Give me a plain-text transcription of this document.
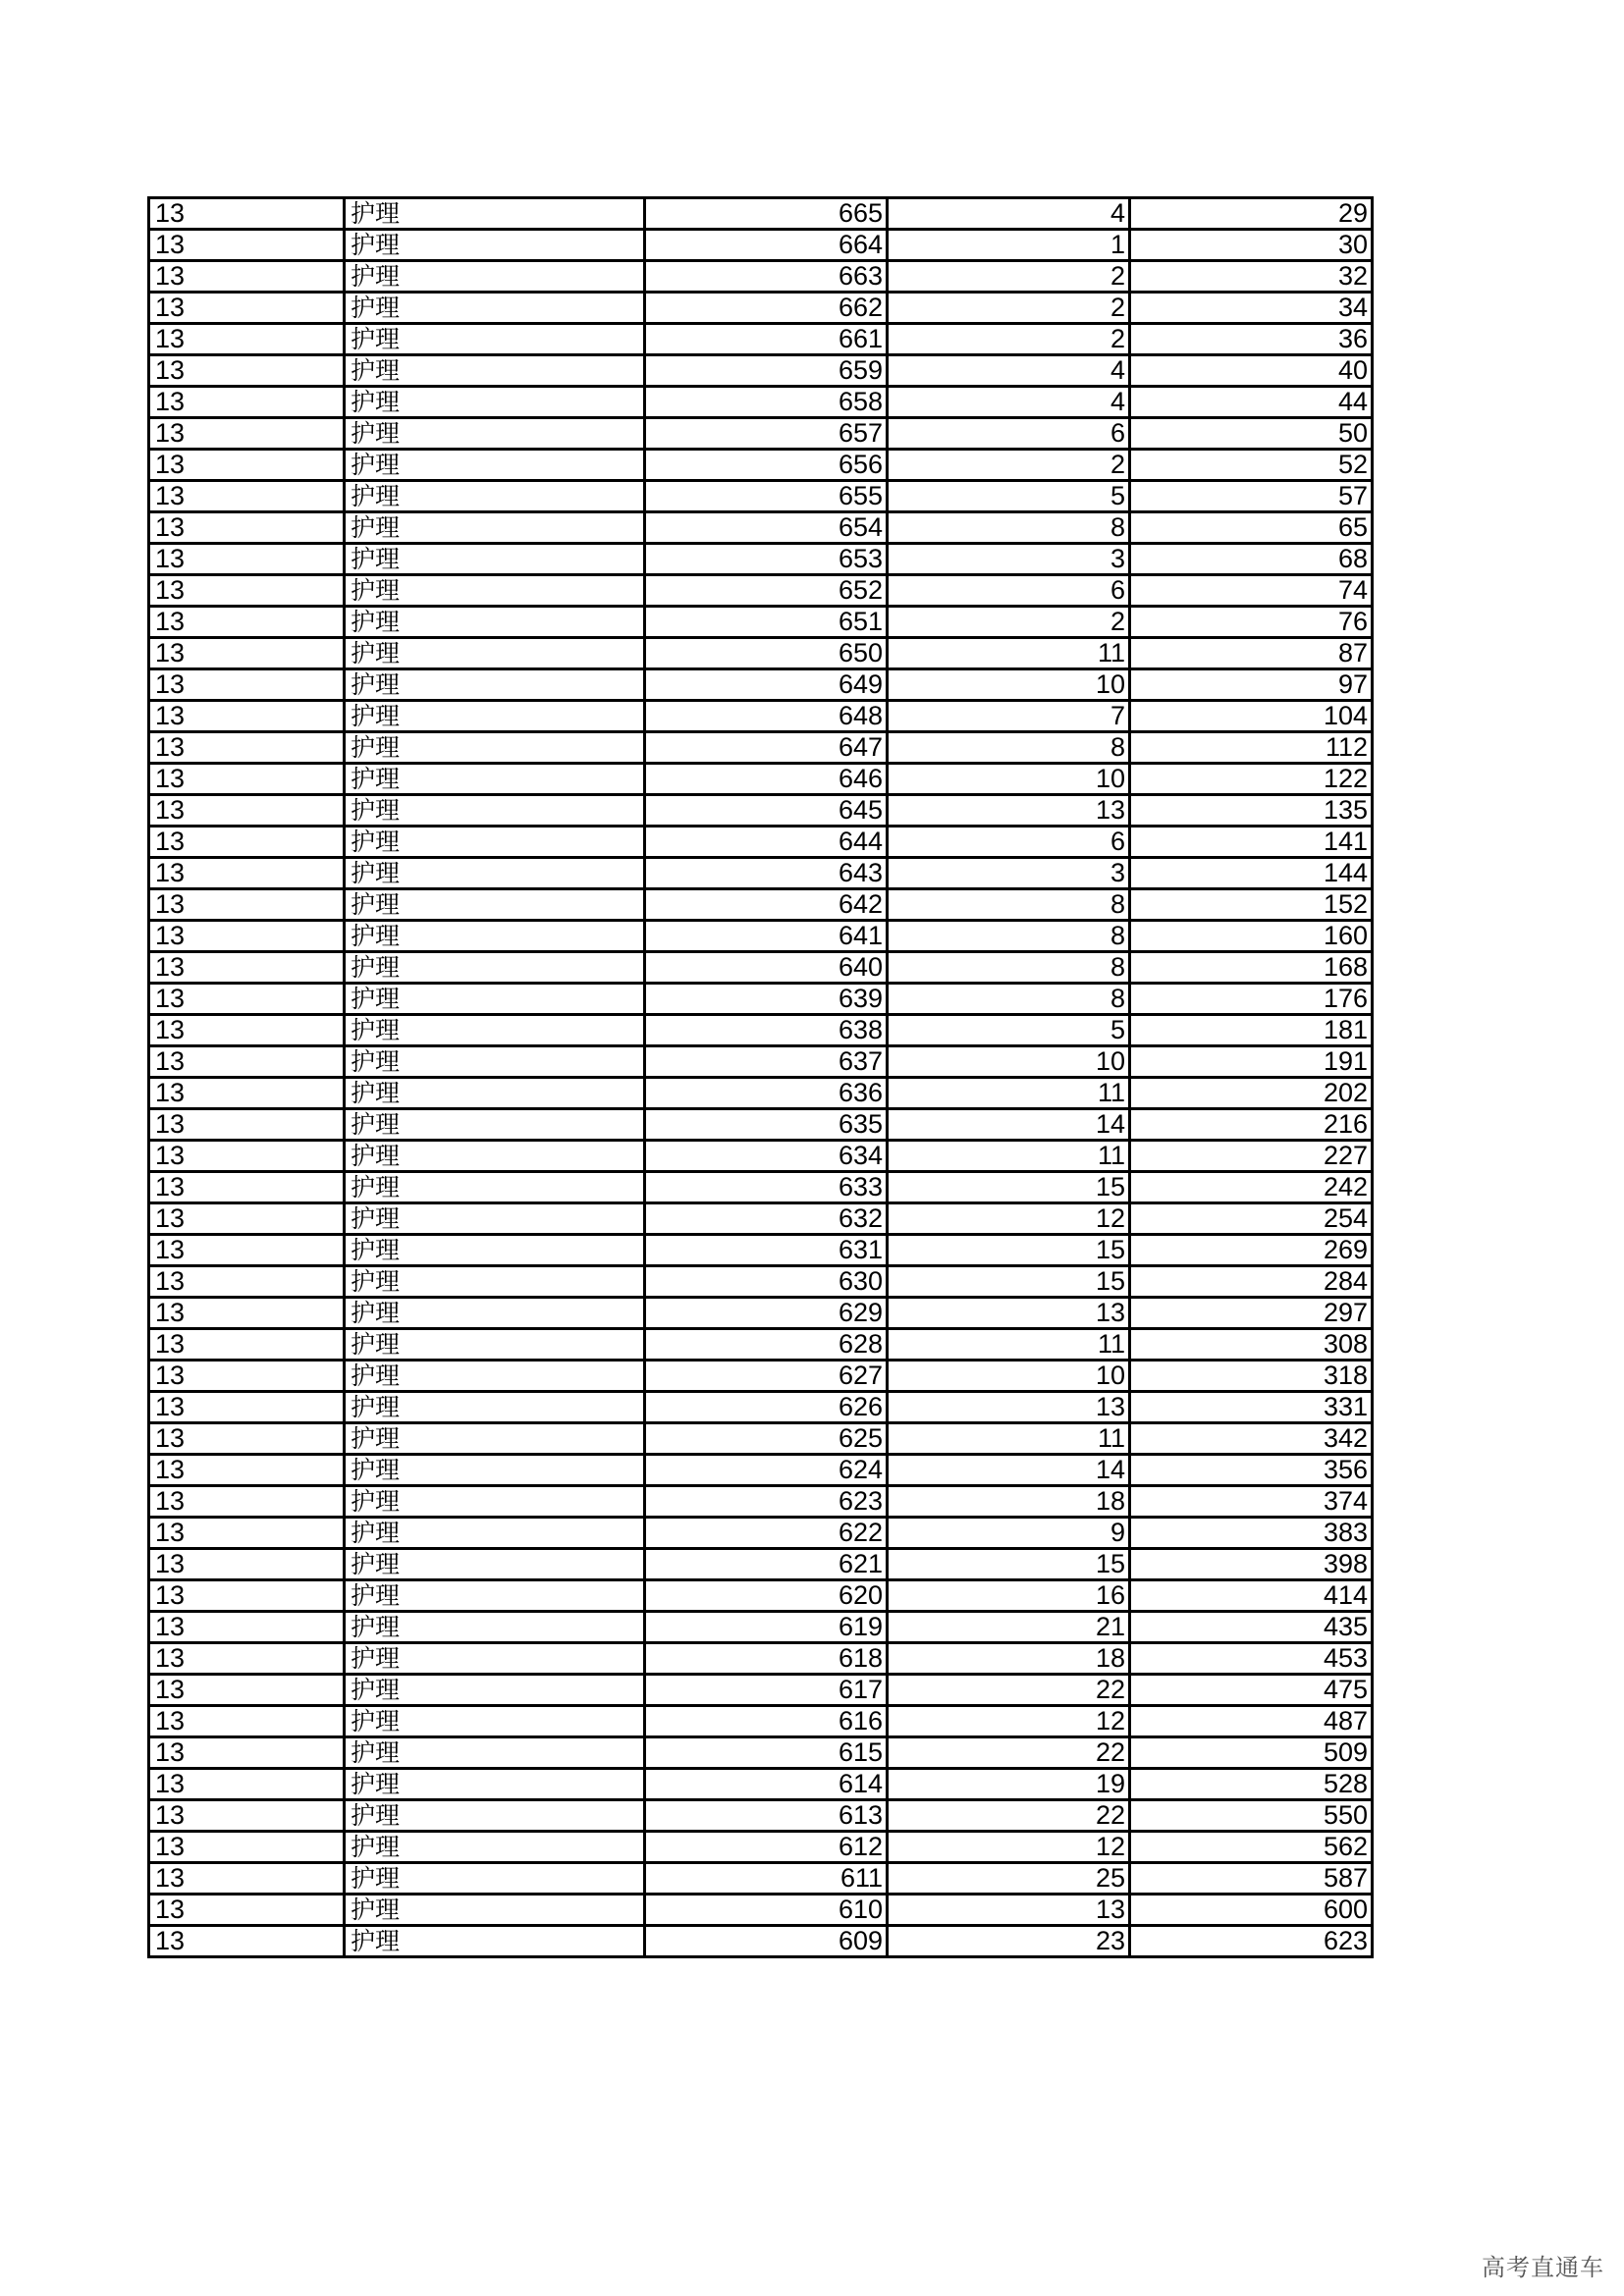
13	护理	665	4	29
13	护理	664	1	30
13	护理	663	2	32
13	护理	662	2	34
13	护理	661	2	36
13	护理	659	4	40
13	护理	658	4	44
13	护理	657	6	50
13	护理	656	2	52
13	护理	655	5	57
13	护理	654	8	65
13	护理	653	3	68
13	护理	652	6	74
13	护理	651	2	76
13	护理	650	11	87
13	护理	649	10	97
13	护理	648	7	104
13	护理	647	8	112
13	护理	646	10	122
13	护理	645	13	135
13	护理	644	6	141
13	护理	643	3	144
13	护理	642	8	152
13	护理	641	8	160
13	护理	640	8	168
13	护理	639	8	176
13	护理	638	5	181
13	护理	637	10	191
13	护理	636	11	202
13	护理	635	14	216
13	护理	634	11	227
13	护理	633	15	242
13	护理	632	12	254
13	护理	631	15	269
13	护理	630	15	284
13	护理	629	13	297
13	护理	628	11	308
13	护理	627	10	318
13	护理	626	13	331
13	护理	625	11	342
13	护理	624	14	356
13	护理	623	18	374
13	护理	622	9	383
13	护理	621	15	398
13	护理	620	16	414
13	护理	619	21	435
13	护理	618	18	453
13	护理	617	22	475
13	护理	616	12	487
13	护理	615	22	509
13	护理	614	19	528
13	护理	613	22	550
13	护理	612	12	562
13	护理	611	25	587
13	护理	610	13	600
13	护理	609	23	623
高考直通车
